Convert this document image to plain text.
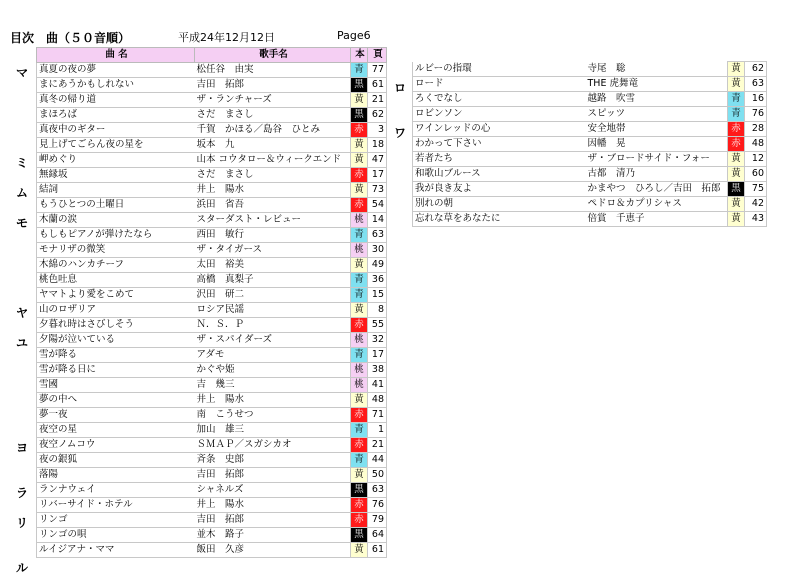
目次　曲（５０音順）	平成24年12月12日	Page6
曲 名	歌手名	本	頁
真夏の夜の夢	松任谷　由実	青	77
まにあうかもしれない	吉田　拓郎	黒	61
真冬の帰り道	ザ・ランチャーズ	黄	21
まほろば	さだ　まさし	黒	62
真夜中のギター	千賀　かほる／島谷　ひとみ	赤	3
見上げてごらん夜の星を	坂本　九	黄	18
岬めぐり	山本 コウタロー＆ウィークエンド	黄	47
無縁坂	さだ　まさし	赤	17
結詞	井上　陽水	黄	73
もうひとつの土曜日	浜田　省吾	赤	54
木蘭の涙	スターダスト・レビュー	桃	14
もしもピアノが弾けたなら	西田　敏行	青	63
モナリザの微笑	ザ・タイガース	桃	30
木綿のハンカチーフ	太田　裕美	黄	49
桃色吐息	高橋　真梨子	青	36
ヤマトより愛をこめて	沢田　研二	青	15
山のロザリア	ロシア民謡	黄	8
夕暮れ時はさびしそう	Ｎ．Ｓ．Ｐ	赤	55
夕陽が泣いている	ザ・スパイダーズ	桃	32
雪が降る	アダモ	青	17
雪が降る日に	かぐや姫	桃	38
雪國	吉　幾三	桃	41
夢の中へ	井上　陽水	黄	48
夢一夜	南　こうせつ	赤	71
夜空の星	加山　雄三	青	1
夜空ノムコウ	ＳＭＡＰ／スガシカオ	赤	21
夜の銀狐	斉条　史郎	青	44
落陽	吉田　拓郎	黄	50
ランナウェイ	シャネルズ	黒	63
リバーサイド・ホテル	井上　陽水	赤	76
リンゴ	吉田　拓郎	赤	79
リンゴの唄	並木　路子	黒	64
ルイジアナ・ママ	飯田　久彦	黄	61
ルビーの指環	寺尾　聡	黄	62
ロード	THE 虎舞竜	黄	63
ろくでなし	越路　吹雪	青	16
ロビンソン	スピッツ	青	76
ワインレッドの心	安全地帯	赤	28
わかって下さい	因幡　晃	赤	48
若者たち	ザ・ブロードサイド・フォー	黄	12
和歌山ブルース	古都　清乃	黄	60
我が良き友よ	かまやつ　ひろし／吉田　拓郎	黒	75
別れの朝	ペドロ＆カプリシャス	黄	42
忘れな草をあなたに	倍賞　千恵子	黄	43
マ
ミ
ム
モ
ヤ
ユ
ヨ
ラ
リ
ル
ロ
ワ
